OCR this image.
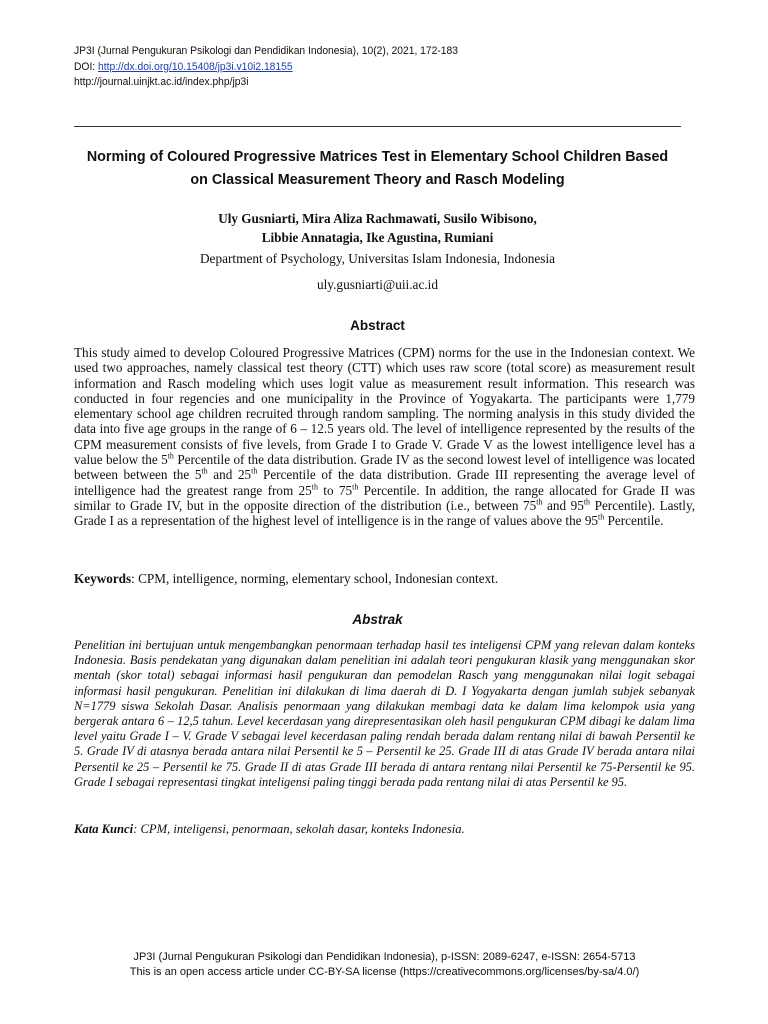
JP3I (Jurnal Pengukuran Psikologi dan Pendidikan Indonesia), 10(2), 2021, 172-183
DOI: http://dx.doi.org/10.15408/jp3i.v10i2.18155
http://journal.uinjkt.ac.id/index.php/jp3i
Norming of Coloured Progressive Matrices Test in Elementary School Children Based
on Classical Measurement Theory and Rasch Modeling
Uly Gusniarti, Mira Aliza Rachmawati, Susilo Wibisono,
Libbie Annatagia, Ike Agustina, Rumiani
Department of Psychology, Universitas Islam Indonesia, Indonesia
uly.gusniarti@uii.ac.id
Abstract
This study aimed to develop Coloured Progressive Matrices (CPM) norms for the use in the Indonesian context. We used two approaches, namely classical test theory (CTT) which uses raw score (total score) as measurement result information and Rasch modeling which uses logit value as measurement result information. This research was conducted in four regencies and one municipality in the Province of Yogyakarta. The participants were 1,779 elementary school age children recruited through random sampling. The norming analysis in this study divided the data into five age groups in the range of 6 – 12.5 years old. The level of intelligence represented by the results of the CPM measurement consists of five levels, from Grade I to Grade V. Grade V as the lowest intelligence level has a value below the 5th Percentile of the data distribution. Grade IV as the second lowest level of intelligence was located between between the 5th and 25th Percentile of the data distribution. Grade III representing the average level of intelligence had the greatest range from 25th to 75th Percentile. In addition, the range allocated for Grade II was similar to Grade IV, but in the opposite direction of the distribution (i.e., between 75th and 95th Percentile). Lastly, Grade I as a representation of the highest level of intelligence is in the range of values above the 95th Percentile.
Keywords: CPM, intelligence, norming, elementary school, Indonesian context.
Abstrak
Penelitian ini bertujuan untuk mengembangkan penormaan terhadap hasil tes inteligensi CPM yang relevan dalam konteks Indonesia. Basis pendekatan yang digunakan dalam penelitian ini adalah teori pengukuran klasik yang menggunakan skor mentah (skor total) sebagai informasi hasil pengukuran dan pemodelan Rasch yang menggunakan nilai logit sebagai informasi hasil pengukuran. Penelitian ini dilakukan di lima daerah di D. I Yogyakarta dengan jumlah subjek sebanyak N=1779 siswa Sekolah Dasar. Analisis penormaan yang dilakukan membagi data ke dalam lima kelompok usia yang bergerak antara 6 – 12,5 tahun. Level kecerdasan yang direpresentasikan oleh hasil pengukuran CPM dibagi ke dalam lima level yaitu Grade I – V. Grade V sebagai level kecerdasan paling rendah berada dalam rentang nilai di bawah Persentil ke 5. Grade IV di atasnya berada antara nilai Persentil ke 5 – Persentil ke 25. Grade III di atas Grade IV berada antara nilai Persentil ke 25 – Persentil ke 75. Grade II di atas Grade III berada di antara rentang nilai Persentil ke 75-Persentil ke 95. Grade I sebagai representasi tingkat inteligensi paling tinggi berada pada rentang nilai di atas Persentil ke 95.
Kata Kunci: CPM, inteligensi, penormaan, sekolah dasar, konteks Indonesia.
JP3I (Jurnal Pengukuran Psikologi dan Pendidikan Indonesia), p-ISSN: 2089-6247, e-ISSN: 2654-5713
This is an open access article under CC-BY-SA license (https://creativecommons.org/licenses/by-sa/4.0/)
